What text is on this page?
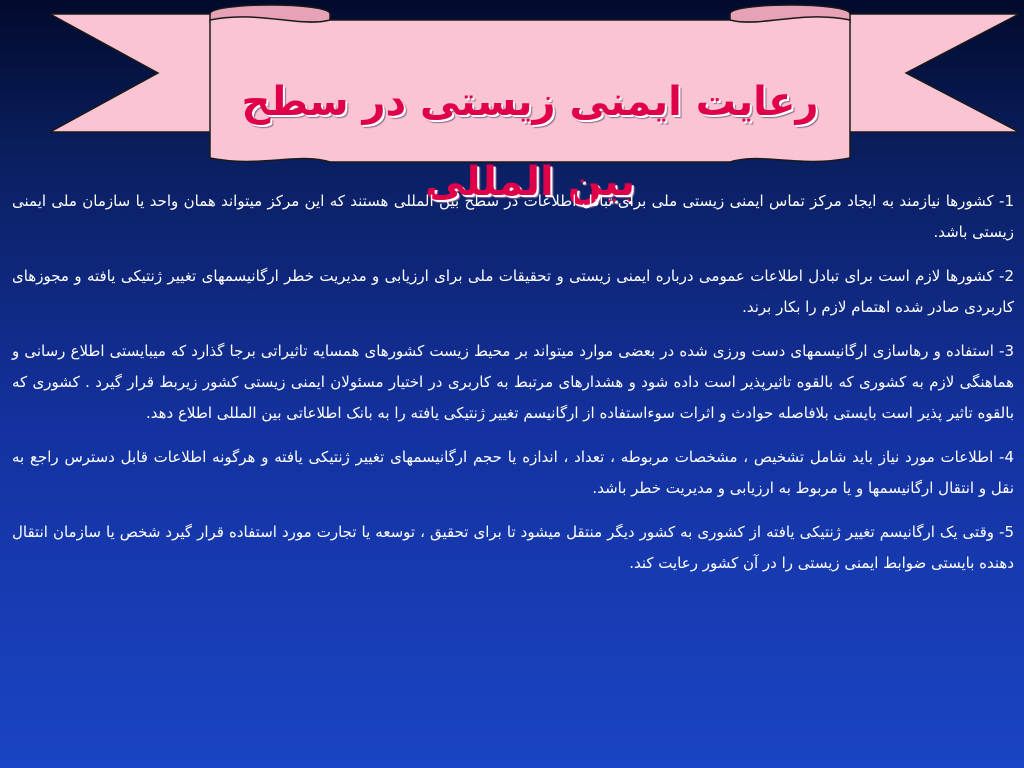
رعایت ایمنی زیستی در سطح بین المللی

1- کشورها نیازمند به ایجاد مرکز تماس ایمنی زیستی ملی برای تبادل اطلاعات در سطح بین المللی هستند که این مرکز میتواند همان واحد یا سازمان ملی ایمنی زیستی باشد.

2- کشورها لازم است برای تبادل اطلاعات عمومی درباره ایمنی زیستی و تحقیقات ملی برای ارزیابی و مدیریت خطر ارگانیسمهای تغییر ژنتیکی یافته و مجوزهای کاربردی صادر شده اهتمام لازم را بکار برند.

3- استفاده و رهاسازی ارگانیسمهای دست ورزی شده در بعضی موارد میتواند بر محیط زیست کشورهای همسایه تاثیراتی برجا گذارد که میبایستی اطلاع رسانی و هماهنگی لازم به کشوری که بالقوه تاثیرپذیر است داده شود و هشدارهای مرتبط به کاربری در اختیار مسئولان ایمنی زیستی کشور زیربط قرار گیرد . کشوری که بالقوه تاثیر پذیر است بایستی بلافاصله حوادث و اثرات سوءاستفاده از ارگانیسم تغییر ژنتیکی یافته را به بانک اطلاعاتی بین المللی اطلاع دهد.

4- اطلاعات مورد نیاز باید شامل تشخیص ، مشخصات مربوطه ، تعداد ، اندازه یا حجم ارگانیسمهای تغییر ژنتیکی یافته و هرگونه اطلاعات قابل دسترس راجع به نقل و انتقال ارگانیسمها و یا مربوط به ارزیابی و مدیریت خطر باشد.

5- وقتی یک ارگانیسم تغییر ژنتیکی یافته از کشوری به کشور دیگر منتقل میشود تا برای تحقیق ، توسعه یا تجارت مورد استفاده قرار گیرد شخص یا سازمان انتقال دهنده بایستی ضوابط ایمنی زیستی را در آن کشور رعایت کند.
